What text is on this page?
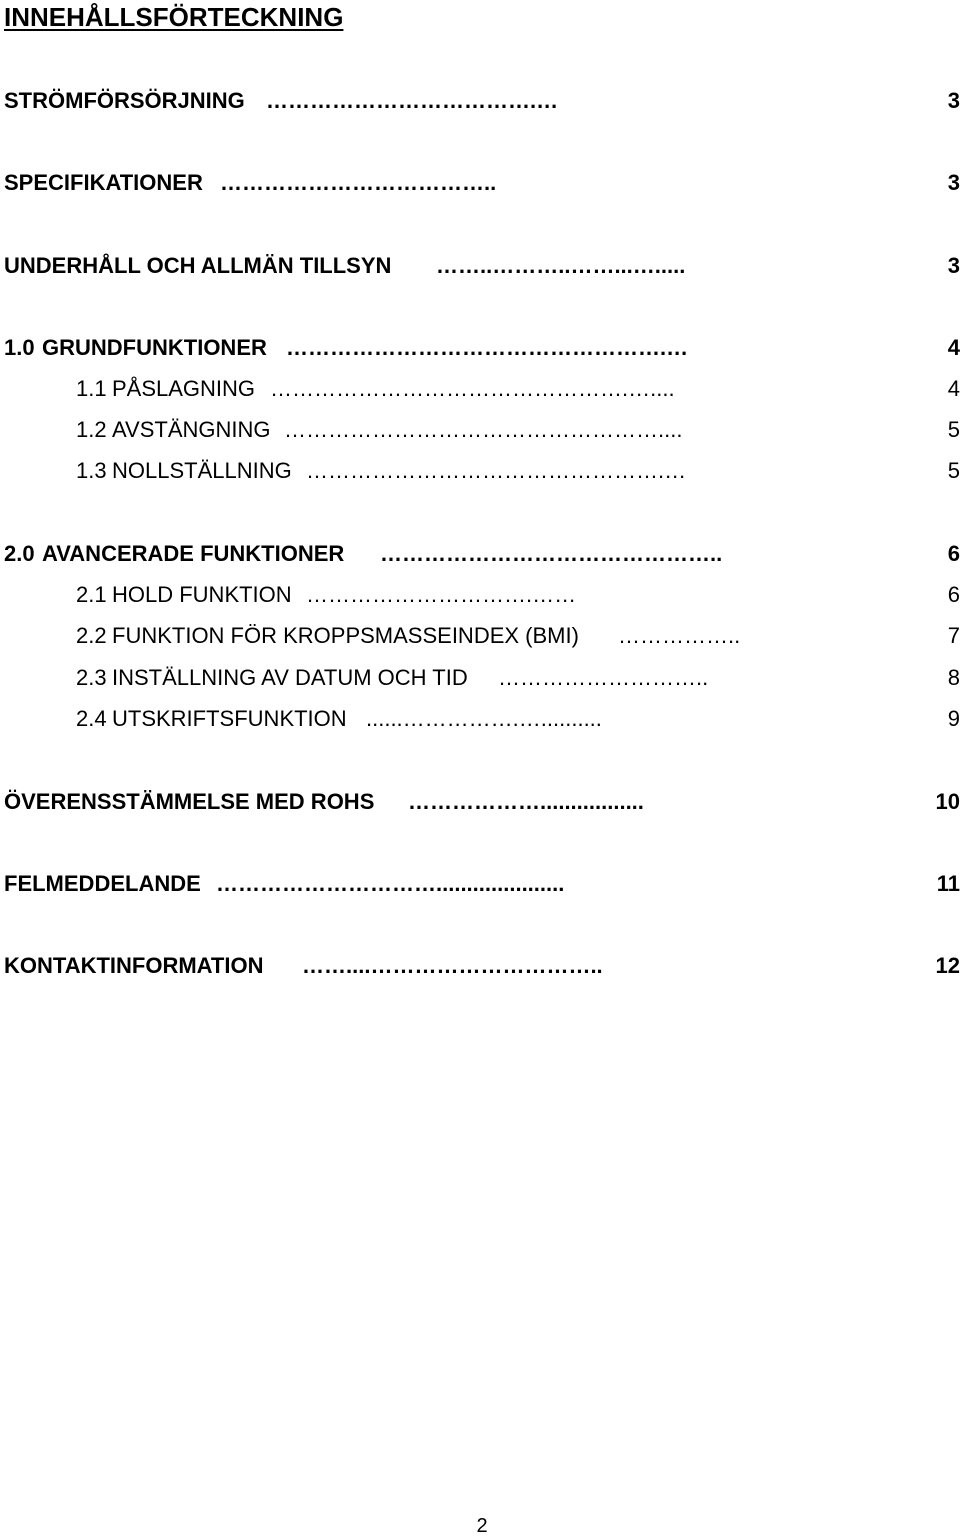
INNEHÅLLSFÖRTECKNING
STRÖMFÖRSÖRJNING ……………………………….…	3
SPECIFIKATIONER ………………………………..	3
UNDERHÅLL OCH ALLMÄN TILLSYN ……..………..……...….....	3
1.0 GRUNDFUNKTIONER …………………………………………….…	4
1.1 PÅSLAGNING ………………………………………….…....	4
1.2 AVSTÄNGNING ……………………………………………....	5
1.3 NOLLSTÄLLNING ………………………………………….…	5
2.0 AVANCERADE FUNKTIONER ………………………………………..	6
2.1 HOLD FUNKTION ………………………….……	6
2.2 FUNKTION FÖR KROPPSMASSEINDEX (BMI) ……………..	7
2.3 INSTÄLLNING AV DATUM OCH TID ………………………..	8
2.4 UTSKRIFTSFUNKTION ......…………….…..........	9
ÖVERENSSTÄMMELSE MED ROHS ……………….................	10
FELMEDDELANDE ………………………….....................	11
KONTAKTINFORMATION ……....…………………………..	12
2
